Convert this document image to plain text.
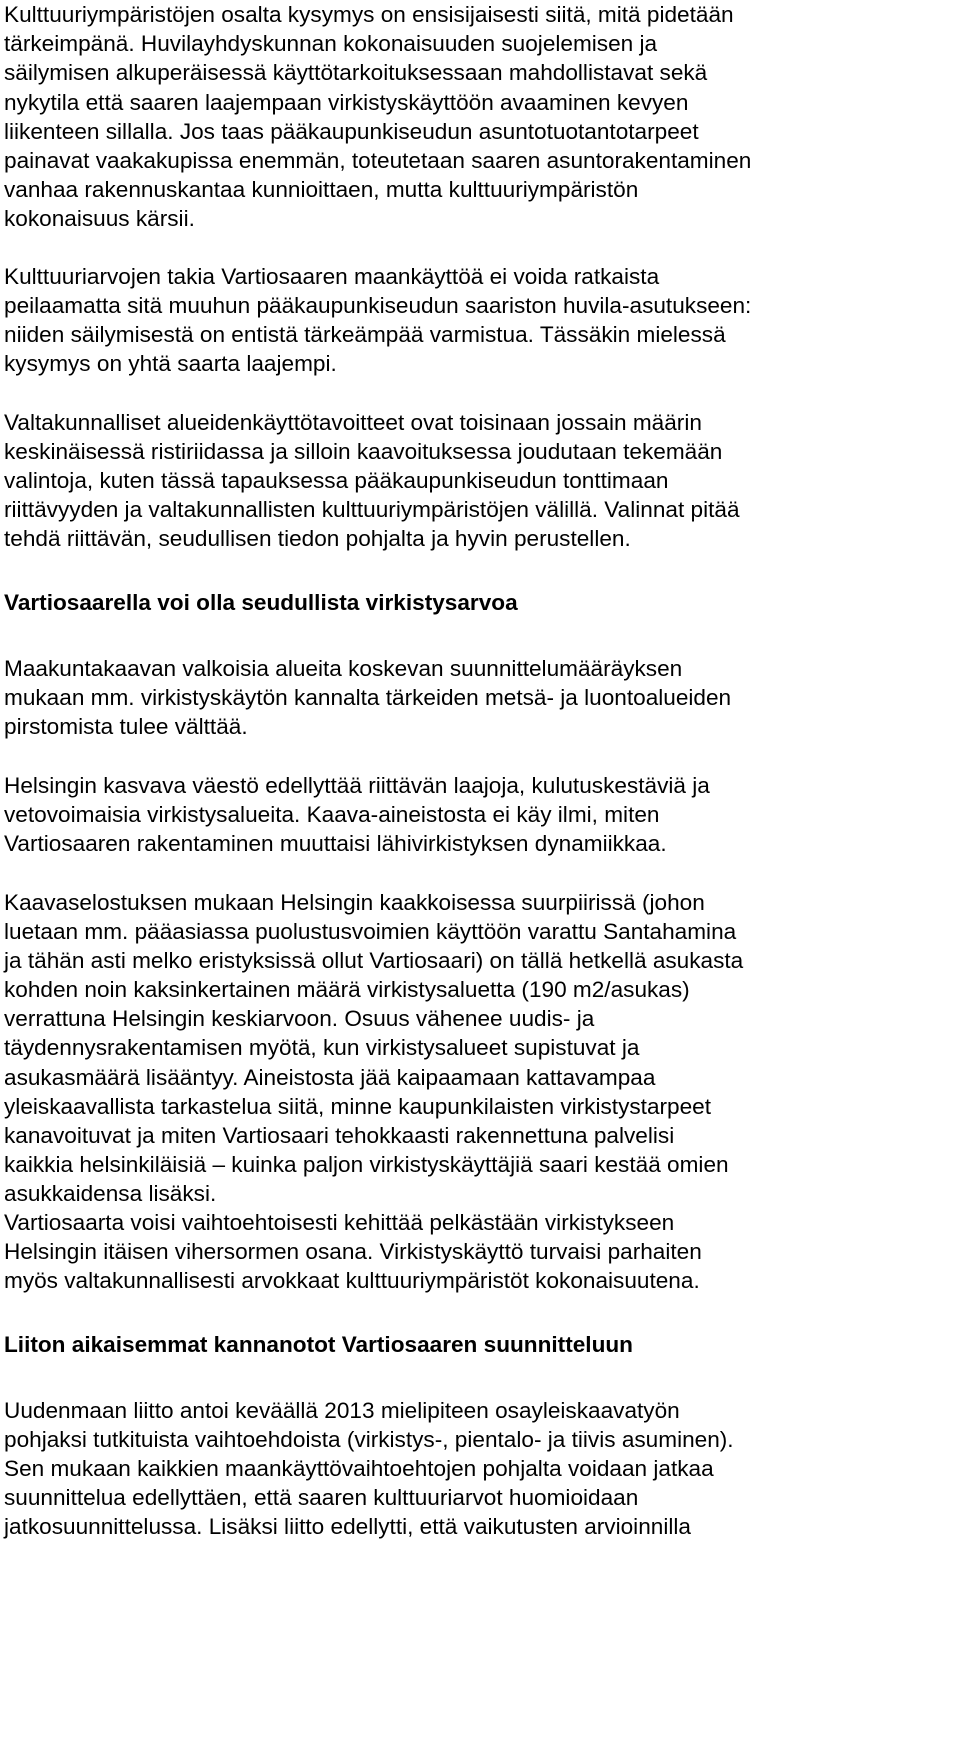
Kulttuuriympäristöjen osalta kysymys on ensisijaisesti siitä, mitä pidetään
tärkeimpänä. Huvilayhdyskunnan kokonaisuuden suojelemisen ja
säilymisen alkuperäisessä käyttötarkoituksessaan mahdollistavat sekä
nykytila että saaren laajempaan virkistyskäyttöön avaaminen kevyen
liikenteen sillalla. Jos taas pääkaupunkiseudun asuntotuotantotarpeet
painavat vaakakupissa enemmän, toteutetaan saaren asuntorakentaminen
vanhaa rakennuskantaa kunnioittaen, mutta kulttuuriympäristön
kokonaisuus kärsii.
Kulttuuriarvojen takia Vartiosaaren maankäyttöä ei voida ratkaista
peilaamatta sitä muuhun pääkaupunkiseudun saariston huvila-asutukseen:
niiden säilymisestä on entistä tärkeämpää varmistua. Tässäkin mielessä
kysymys on yhtä saarta laajempi.
Valtakunnalliset alueidenkäyttötavoitteet ovat toisinaan jossain määrin
keskinäisessä ristiriidassa ja silloin kaavoituksessa joudutaan tekemään
valintoja, kuten tässä tapauksessa pääkaupunkiseudun tonttimaan
riittävyyden ja valtakunnallisten kulttuuriympäristöjen välillä. Valinnat pitää
tehdä riittävän, seudullisen tiedon pohjalta ja hyvin perustellen.
Vartiosaarella voi olla seudullista virkistysarvoa
Maakuntakaavan valkoisia alueita koskevan suunnittelumääräyksen
mukaan mm. virkistyskäytön kannalta tärkeiden metsä- ja luontoalueiden
pirstomista tulee välttää.
Helsingin kasvava väestö edellyttää riittävän laajoja, kulutuskestäviä ja
vetovoimaisia virkistysalueita. Kaava-aineistosta ei käy ilmi, miten
Vartiosaaren rakentaminen muuttaisi lähivirkistyksen dynamiikkaa.
Kaavaselostuksen mukaan Helsingin kaakkoisessa suurpiirissä (johon
luetaan mm. pääasiassa puolustusvoimien käyttöön varattu Santahamina
ja tähän asti melko eristyksissä ollut Vartiosaari) on tällä hetkellä asukasta
kohden noin kaksinkertainen määrä virkistysaluetta (190 m2/asukas)
verrattuna Helsingin keskiarvoon. Osuus vähenee uudis- ja
täydennysrakentamisen myötä, kun virkistysalueet supistuvat ja
asukasmäärä lisääntyy. Aineistosta jää kaipaamaan kattavampaa
yleiskaavallista tarkastelua siitä, minne kaupunkilaisten virkistystarpeet
kanavoituvat ja miten Vartiosaari tehokkaasti rakennettuna palvelisi
kaikkia helsinkiläisiä – kuinka paljon virkistyskäyttäjiä saari kestää omien
asukkaidensa lisäksi.
Vartiosaarta voisi vaihtoehtoisesti kehittää pelkästään virkistykseen
Helsingin itäisen vihersormen osana. Virkistyskäyttö turvaisi parhaiten
myös valtakunnallisesti arvokkaat kulttuuriympäristöt kokonaisuutena.
Liiton aikaisemmat kannanotot Vartiosaaren suunnitteluun
Uudenmaan liitto antoi keväällä 2013 mielipiteen osayleiskaavatyön
pohjaksi tutkituista vaihtoehdoista (virkistys-, pientalo- ja tiivis asuminen).
Sen mukaan kaikkien maankäyttövaihtoehtojen pohjalta voidaan jatkaa
suunnittelua edellyttäen, että saaren kulttuuriarvot huomioidaan
jatkosuunnittelussa. Lisäksi liitto edellytti, että vaikutusten arvioinnilla
